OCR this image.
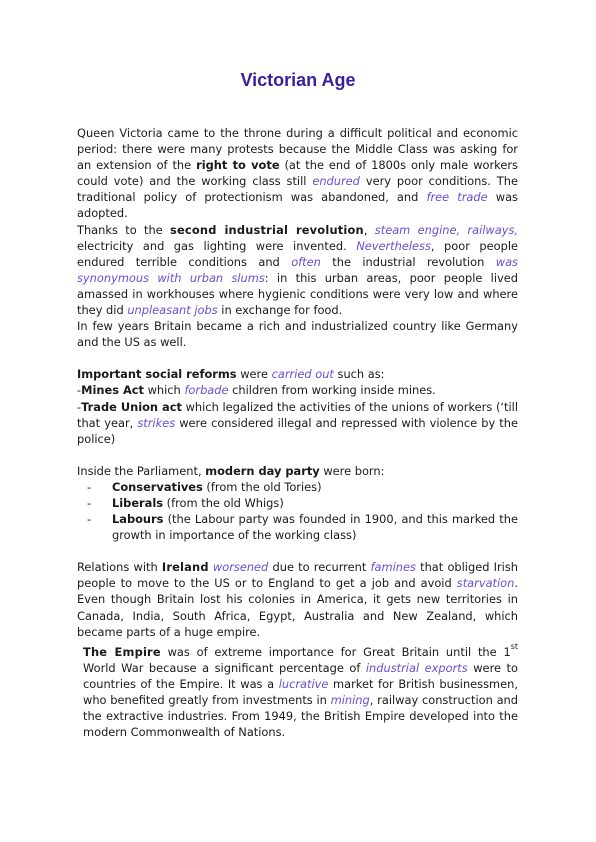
Victorian Age

Queen Victoria came to the throne during a difficult political and economic period: there were many protests because the Middle Class was asking for an extension of the right to vote (at the end of 1800s only male workers could vote) and the working class still endured very poor conditions. The traditional policy of protectionism was abandoned, and free trade was adopted.

Thanks to the second industrial revolution, steam engine, railways, electricity and gas lighting were invented. Nevertheless, poor people endured terrible conditions and often the industrial revolution was synonymous with urban slums: in this urban areas, poor people lived amassed in workhouses where hygienic conditions were very low and where they did unpleasant jobs in exchange for food.

In few years Britain became a rich and industrialized country like Germany and the US as well.

Important social reforms were carried out such as:

-Mines Act which forbade children from working inside mines.

-Trade Union act which legalized the activities of the unions of workers (‘till that year, strikes were considered illegal and repressed with violence by the police)

Inside the Parliament, modern day party were born:

- Conservatives (from the old Tories)
- Liberals (from the old Whigs)
- Labours (the Labour party was founded in 1900, and this marked the growth in importance of the working class)

Relations with Ireland worsened due to recurrent famines that obliged Irish people to move to the US or to England to get a job and avoid starvation. Even though Britain lost his colonies in America, it gets new territories in Canada, India, South Africa, Egypt, Australia and New Zealand, which became parts of a huge empire.

The Empire was of extreme importance for Great Britain until the 1st World War because a significant percentage of industrial exports were to countries of the Empire. It was a lucrative market for British businessmen, who benefited greatly from investments in mining, railway construction and the extractive industries. From 1949, the British Empire developed into the modern Commonwealth of Nations.
